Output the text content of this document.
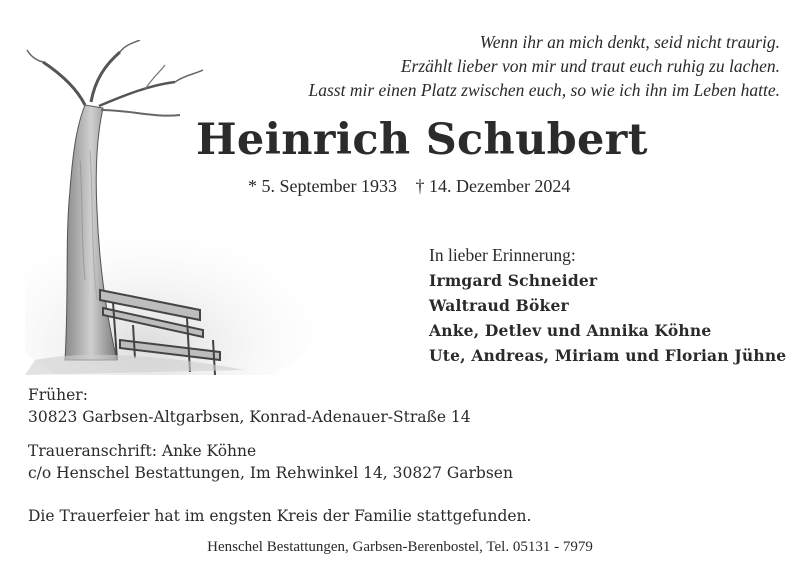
Wenn ihr an mich denkt, seid nicht traurig.
Erzählt lieber von mir und traut euch ruhig zu lachen.
Lasst mir einen Platz zwischen euch, so wie ich ihn im Leben hatte.
Heinrich Schubert
* 5. September 1933 † 14. Dezember 2024
In lieber Erinnerung:
Irmgard Schneider
Waltraud Böker
Anke, Detlev und Annika Köhne
Ute, Andreas, Miriam und Florian Jühne
Früher:
30823 Garbsen-Altgarbsen, Konrad-Adenauer-Straße 14
Traueranschrift: Anke Köhne
c/o Henschel Bestattungen, Im Rehwinkel 14, 30827 Garbsen
Die Trauerfeier hat im engsten Kreis der Familie stattgefunden.
Henschel Bestattungen, Garbsen-Berenbostel, Tel. 05131 - 7979
